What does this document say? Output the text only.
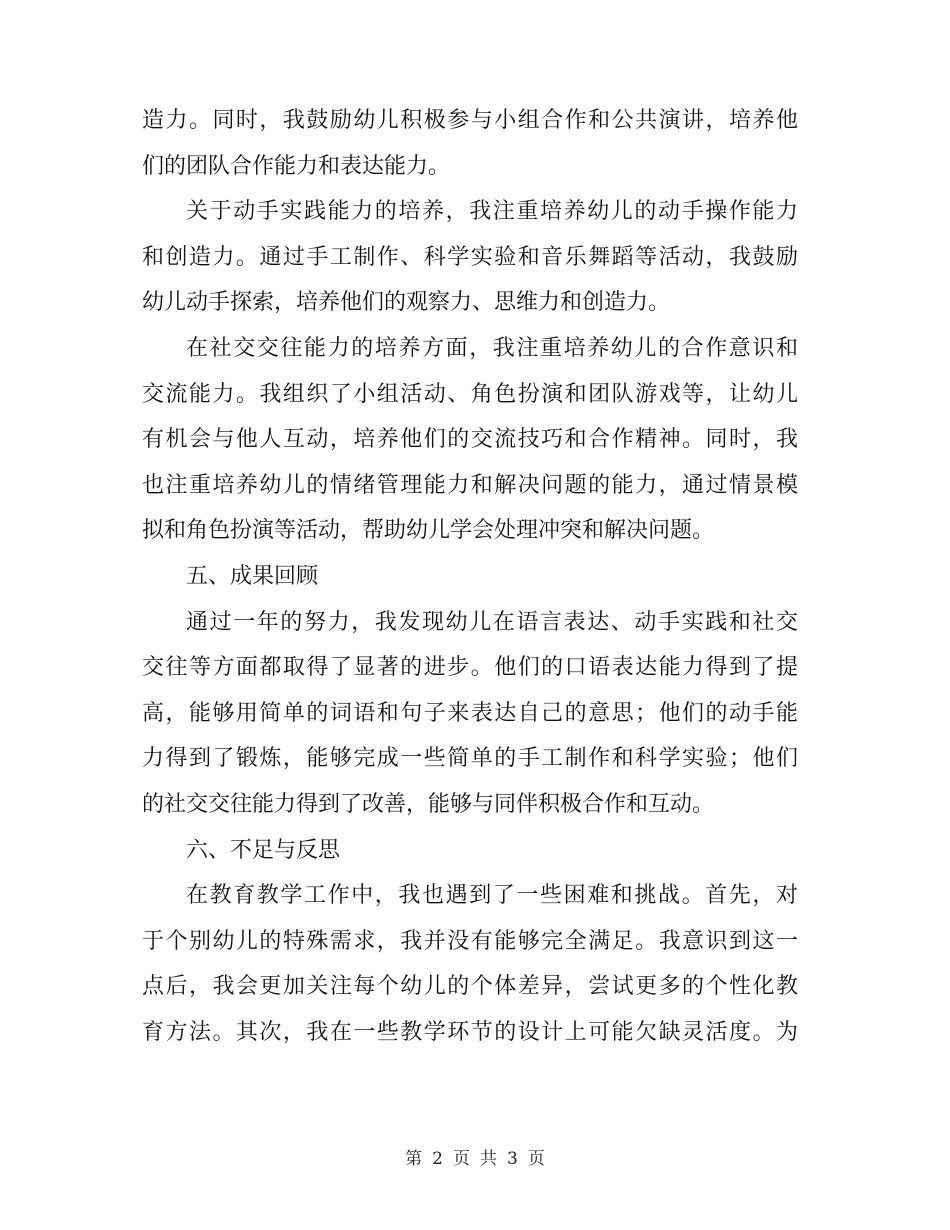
造力。同时，我鼓励幼儿积极参与小组合作和公共演讲，培养他
们的团队合作能力和表达能力。
关于动手实践能力的培养，我注重培养幼儿的动手操作能力
和创造力。通过手工制作、科学实验和音乐舞蹈等活动，我鼓励
幼儿动手探索，培养他们的观察力、思维力和创造力。
在社交交往能力的培养方面，我注重培养幼儿的合作意识和
交流能力。我组织了小组活动、角色扮演和团队游戏等，让幼儿
有机会与他人互动，培养他们的交流技巧和合作精神。同时，我
也注重培养幼儿的情绪管理能力和解决问题的能力，通过情景模
拟和角色扮演等活动，帮助幼儿学会处理冲突和解决问题。
五、成果回顾
通过一年的努力，我发现幼儿在语言表达、动手实践和社交
交往等方面都取得了显著的进步。他们的口语表达能力得到了提
高，能够用简单的词语和句子来表达自己的意思；他们的动手能
力得到了锻炼，能够完成一些简单的手工制作和科学实验；他们
的社交交往能力得到了改善，能够与同伴积极合作和互动。
六、不足与反思
在教育教学工作中，我也遇到了一些困难和挑战。首先，对
于个别幼儿的特殊需求，我并没有能够完全满足。我意识到这一
点后，我会更加关注每个幼儿的个体差异，尝试更多的个性化教
育方法。其次，我在一些教学环节的设计上可能欠缺灵活度。为
第 2 页 共 3 页
